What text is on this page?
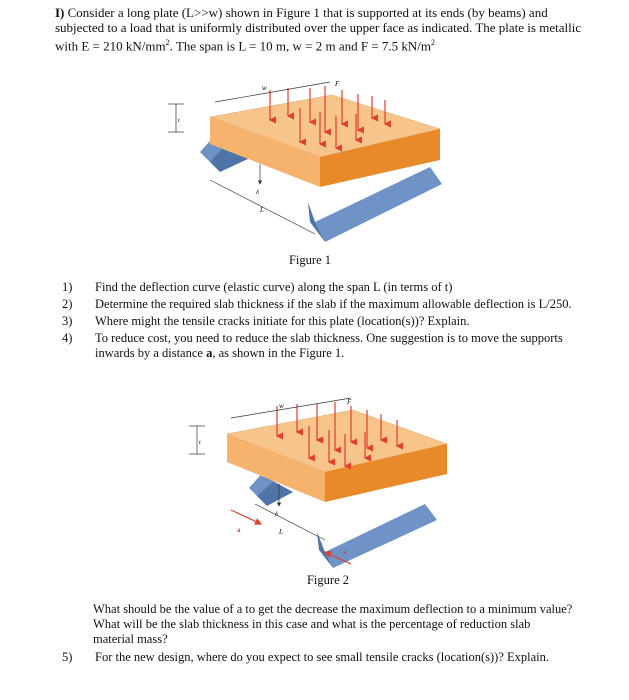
I) Consider a long plate (L>>w) shown in Figure 1 that is supported at its ends (by beams) and subjected to a load that is uniformly distributed over the upper face as indicated. The plate is metallic with E = 210 $kN/mm^2$. The span is L = 10 m, w = 2 m and F = 7.5 $kN/m^2$

w	F
t
δ
L
Figure 1
1)	Find the deflection curve (elastic curve) along the span L (in terms of t)
2)	Determine the required slab thickness if the slab if the maximum allowable deflection is L/250.
3)	Where might the tensile cracks initiate for this plate (location(s))? Explain.
4)	To reduce cost, you need to reduce the slab thickness. One suggestion is to move the supports inwards by a distance a, as shown in the Figure 1.
w	F
t
L
a
a
Figure 2

What should be the value of a to get the decrease the maximum deflection to a minimum value? What will be the slab thickness in this case and what is the percentage of reduction slab material mass?

5)	For the new design, where do you expect to see small tensile cracks (location(s))? Explain.
